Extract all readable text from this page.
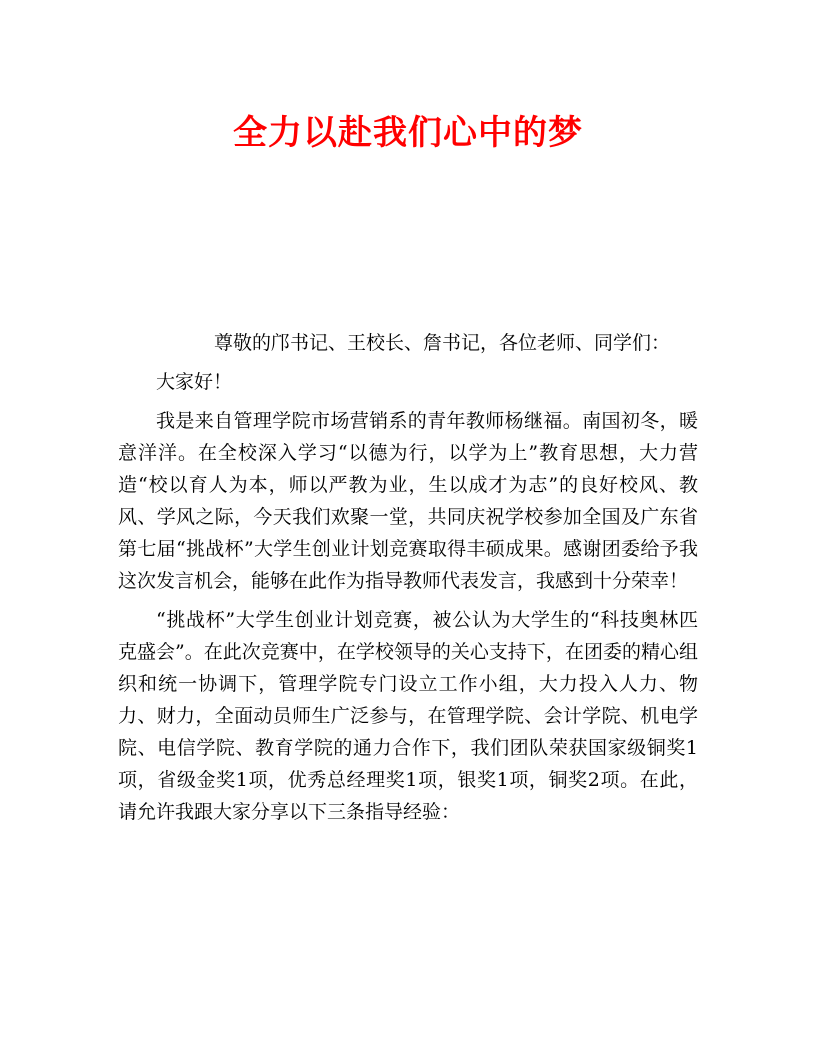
全力以赴我们心中的梦

尊敬的邝书记、王校长、詹书记，各位老师、同学们：

大家好！

我是来自管理学院市场营销系的青年教师杨继福。南国初冬，暖意洋洋。在全校深入学习“以德为行，以学为上”教育思想，大力营造“校以育人为本，师以严教为业，生以成才为志”的良好校风、教风、学风之际，今天我们欢聚一堂，共同庆祝学校参加全国及广东省第七届“挑战杯”大学生创业计划竞赛取得丰硕成果。感谢团委给予我这次发言机会，能够在此作为指导教师代表发言，我感到十分荣幸！

“挑战杯”大学生创业计划竞赛，被公认为大学生的“科技奥林匹克盛会”。在此次竞赛中，在学校领导的关心支持下，在团委的精心组织和统一协调下，管理学院专门设立工作小组，大力投入人力、物力、财力，全面动员师生广泛参与，在管理学院、会计学院、机电学院、电信学院、教育学院的通力合作下，我们团队荣获国家级铜奖1项，省级金奖1项，优秀总经理奖1项，银奖1项，铜奖2项。在此，请允许我跟大家分享以下三条指导经验：
